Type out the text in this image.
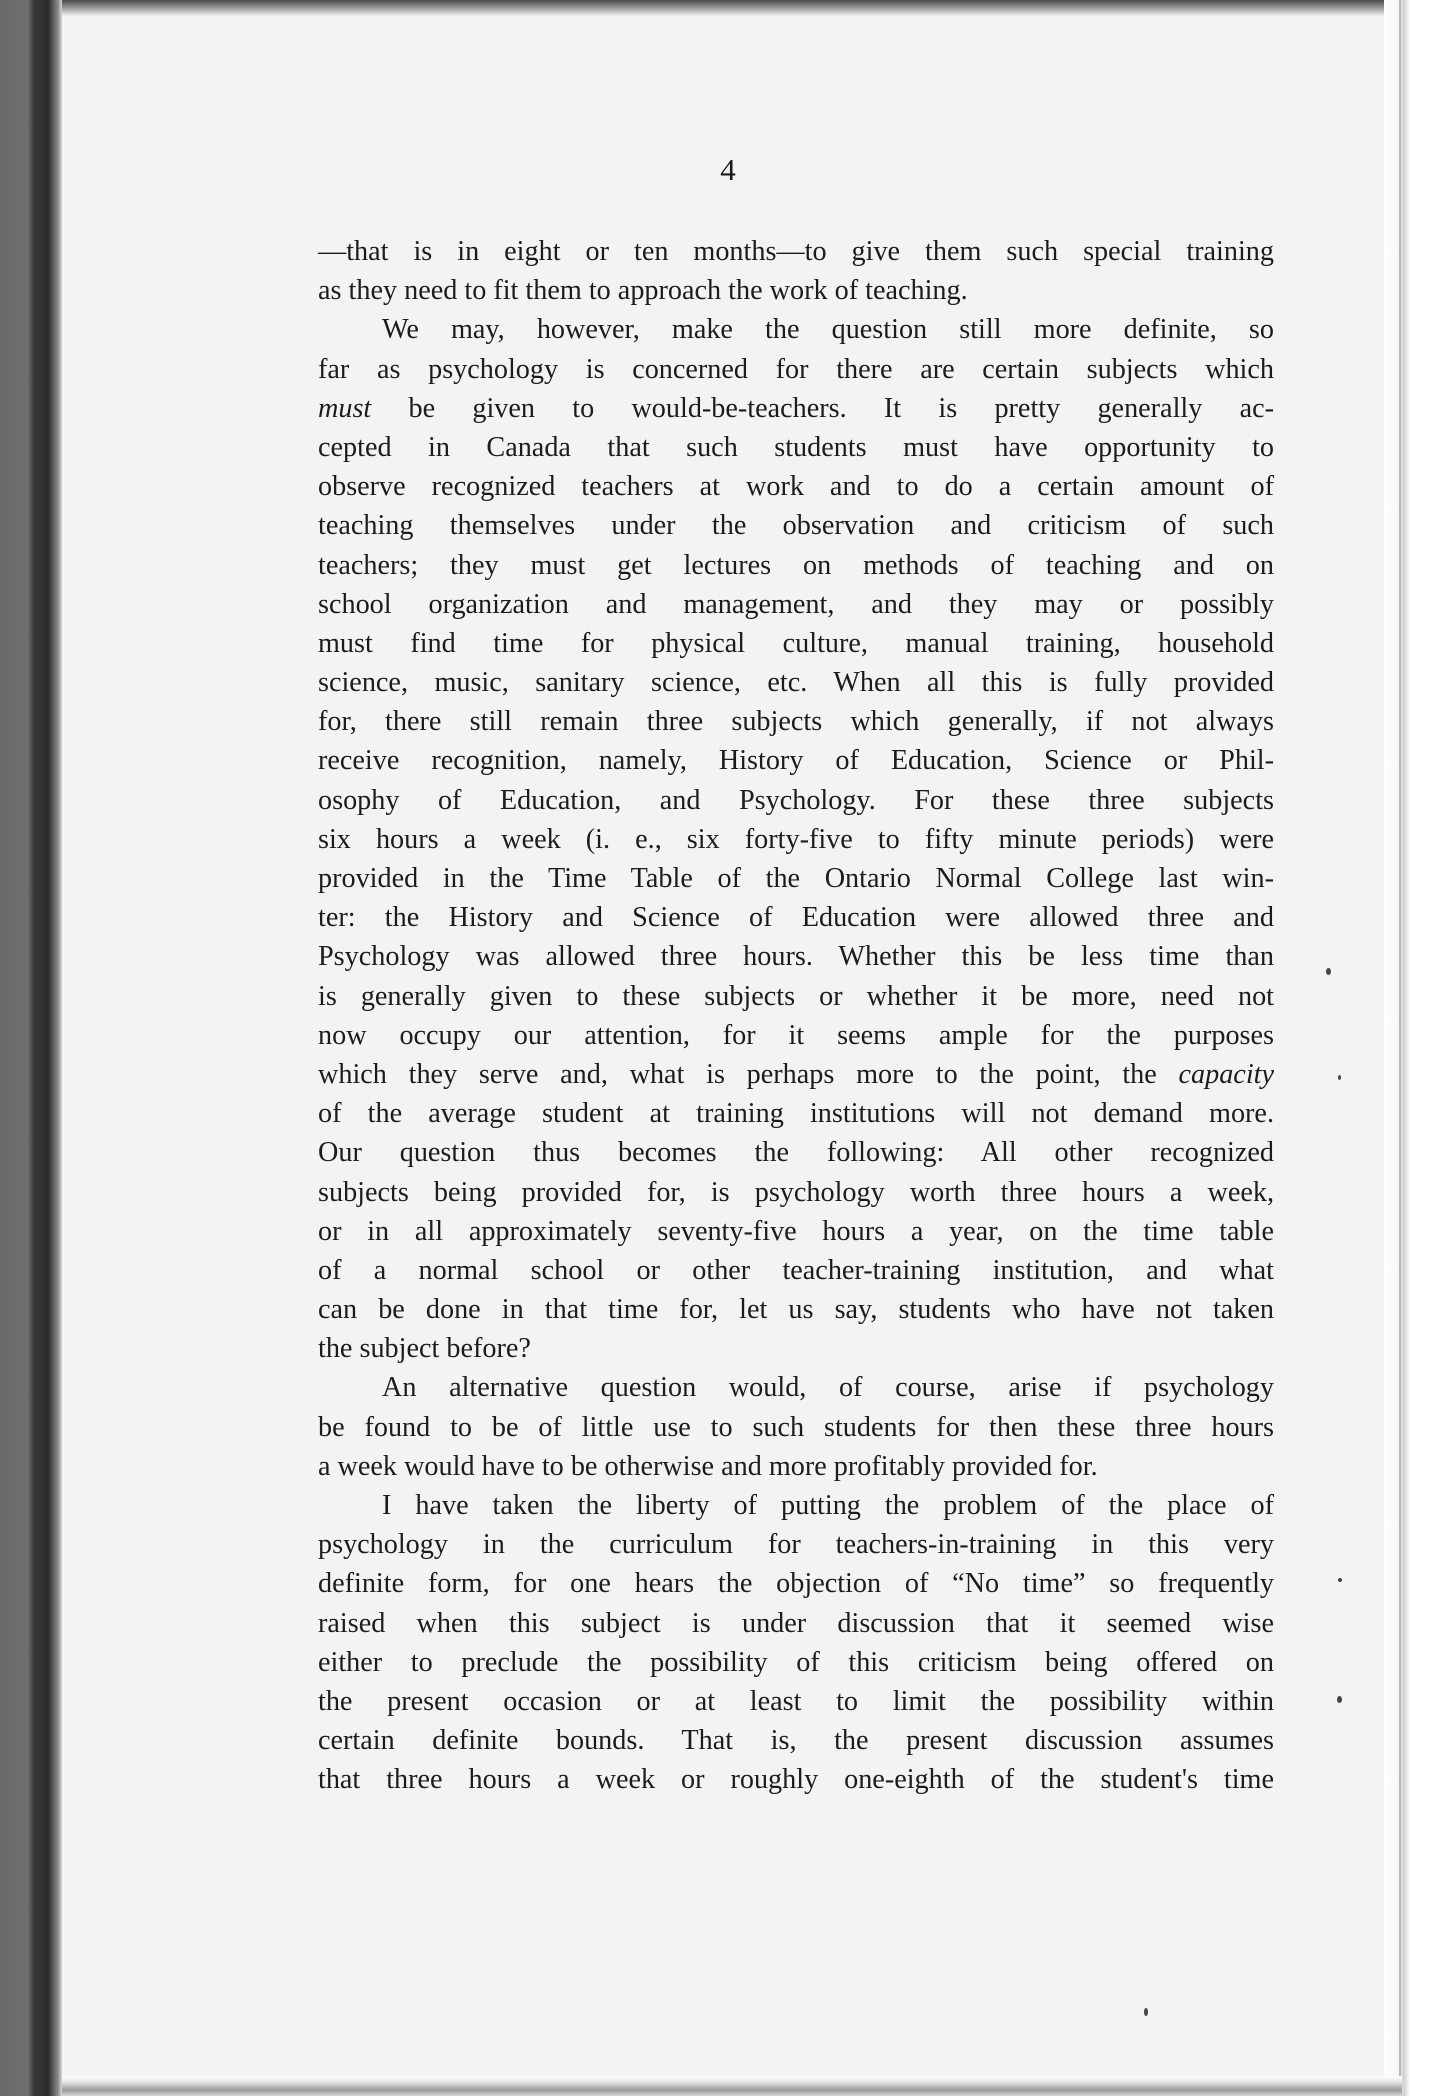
4

—that is in eight or ten months—to give them such special training
as they need to fit them to approach the work of teaching.
We may, however, make the question still more definite, so
far as psychology is concerned for there are certain subjects which
must be given to would-be-teachers. It is pretty generally ac-
cepted in Canada that such students must have opportunity to
observe recognized teachers at work and to do a certain amount of
teaching themselves under the observation and criticism of such
teachers; they must get lectures on methods of teaching and on
school organization and management, and they may or possibly
must find time for physical culture, manual training, household
science, music, sanitary science, etc. When all this is fully provided
for, there still remain three subjects which generally, if not always
receive recognition, namely, History of Education, Science or Phil-
osophy of Education, and Psychology. For these three subjects
six hours a week (i. e., six forty-five to fifty minute periods) were
provided in the Time Table of the Ontario Normal College last win-
ter: the History and Science of Education were allowed three and
Psychology was allowed three hours. Whether this be less time than
is generally given to these subjects or whether it be more, need not
now occupy our attention, for it seems ample for the purposes
which they serve and, what is perhaps more to the point, the capacity
of the average student at training institutions will not demand more.
Our question thus becomes the following: All other recognized
subjects being provided for, is psychology worth three hours a week,
or in all approximately seventy-five hours a year, on the time table
of a normal school or other teacher-training institution, and what
can be done in that time for, let us say, students who have not taken
the subject before?
An alternative question would, of course, arise if psychology
be found to be of little use to such students for then these three hours
a week would have to be otherwise and more profitably provided for.
I have taken the liberty of putting the problem of the place of
psychology in the curriculum for teachers-in-training in this very
definite form, for one hears the objection of “No time” so frequently
raised when this subject is under discussion that it seemed wise
either to preclude the possibility of this criticism being offered on
the present occasion or at least to limit the possibility within
certain definite bounds. That is, the present discussion assumes
that three hours a week or roughly one-eighth of the student's time
